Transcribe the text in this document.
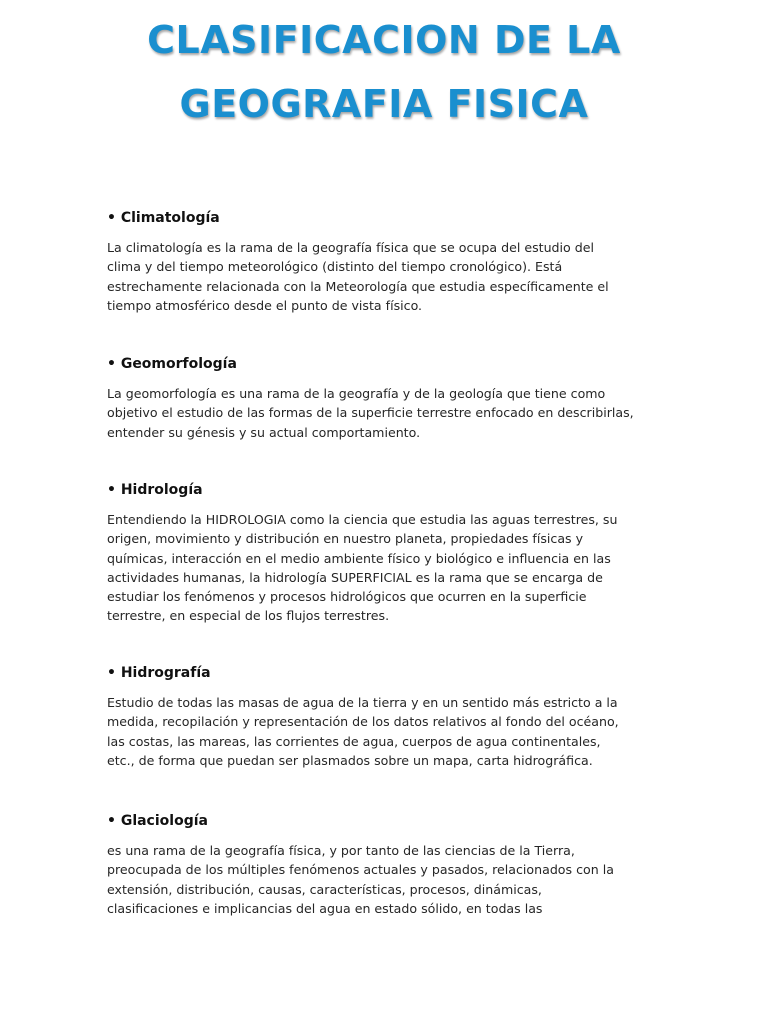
CLASIFICACION DE LA
GEOGRAFIA FISICA

• Climatología

La climatología es la rama de la geografía física que se ocupa del estudio del
clima y del tiempo meteorológico (distinto del tiempo cronológico). Está
estrechamente relacionada con la Meteorología que estudia específicamente el
tiempo atmosférico desde el punto de vista físico.

• Geomorfología

La geomorfología es una rama de la geografía y de la geología que tiene como
objetivo el estudio de las formas de la superficie terrestre enfocado en describirlas,
entender su génesis y su actual comportamiento.

• Hidrología

Entendiendo la HIDROLOGIA como la ciencia que estudia las aguas terrestres, su
origen, movimiento y distribución en nuestro planeta, propiedades físicas y
químicas, interacción en el medio ambiente físico y biológico e influencia en las
actividades humanas, la hidrología SUPERFICIAL es la rama que se encarga de
estudiar los fenómenos y procesos hidrológicos que ocurren en la superficie
terrestre, en especial de los flujos terrestres.

• Hidrografía

Estudio de todas las masas de agua de la tierra y en un sentido más estricto a la
medida, recopilación y representación de los datos relativos al fondo del océano,
las costas, las mareas, las corrientes de agua, cuerpos de agua continentales,
etc., de forma que puedan ser plasmados sobre un mapa, carta hidrográfica.

• Glaciología

es una rama de la geografía física, y por tanto de las ciencias de la Tierra,
preocupada de los múltiples fenómenos actuales y pasados, relacionados con la
extensión, distribución, causas, características, procesos, dinámicas,
clasificaciones e implicancias del agua en estado sólido, en todas las
